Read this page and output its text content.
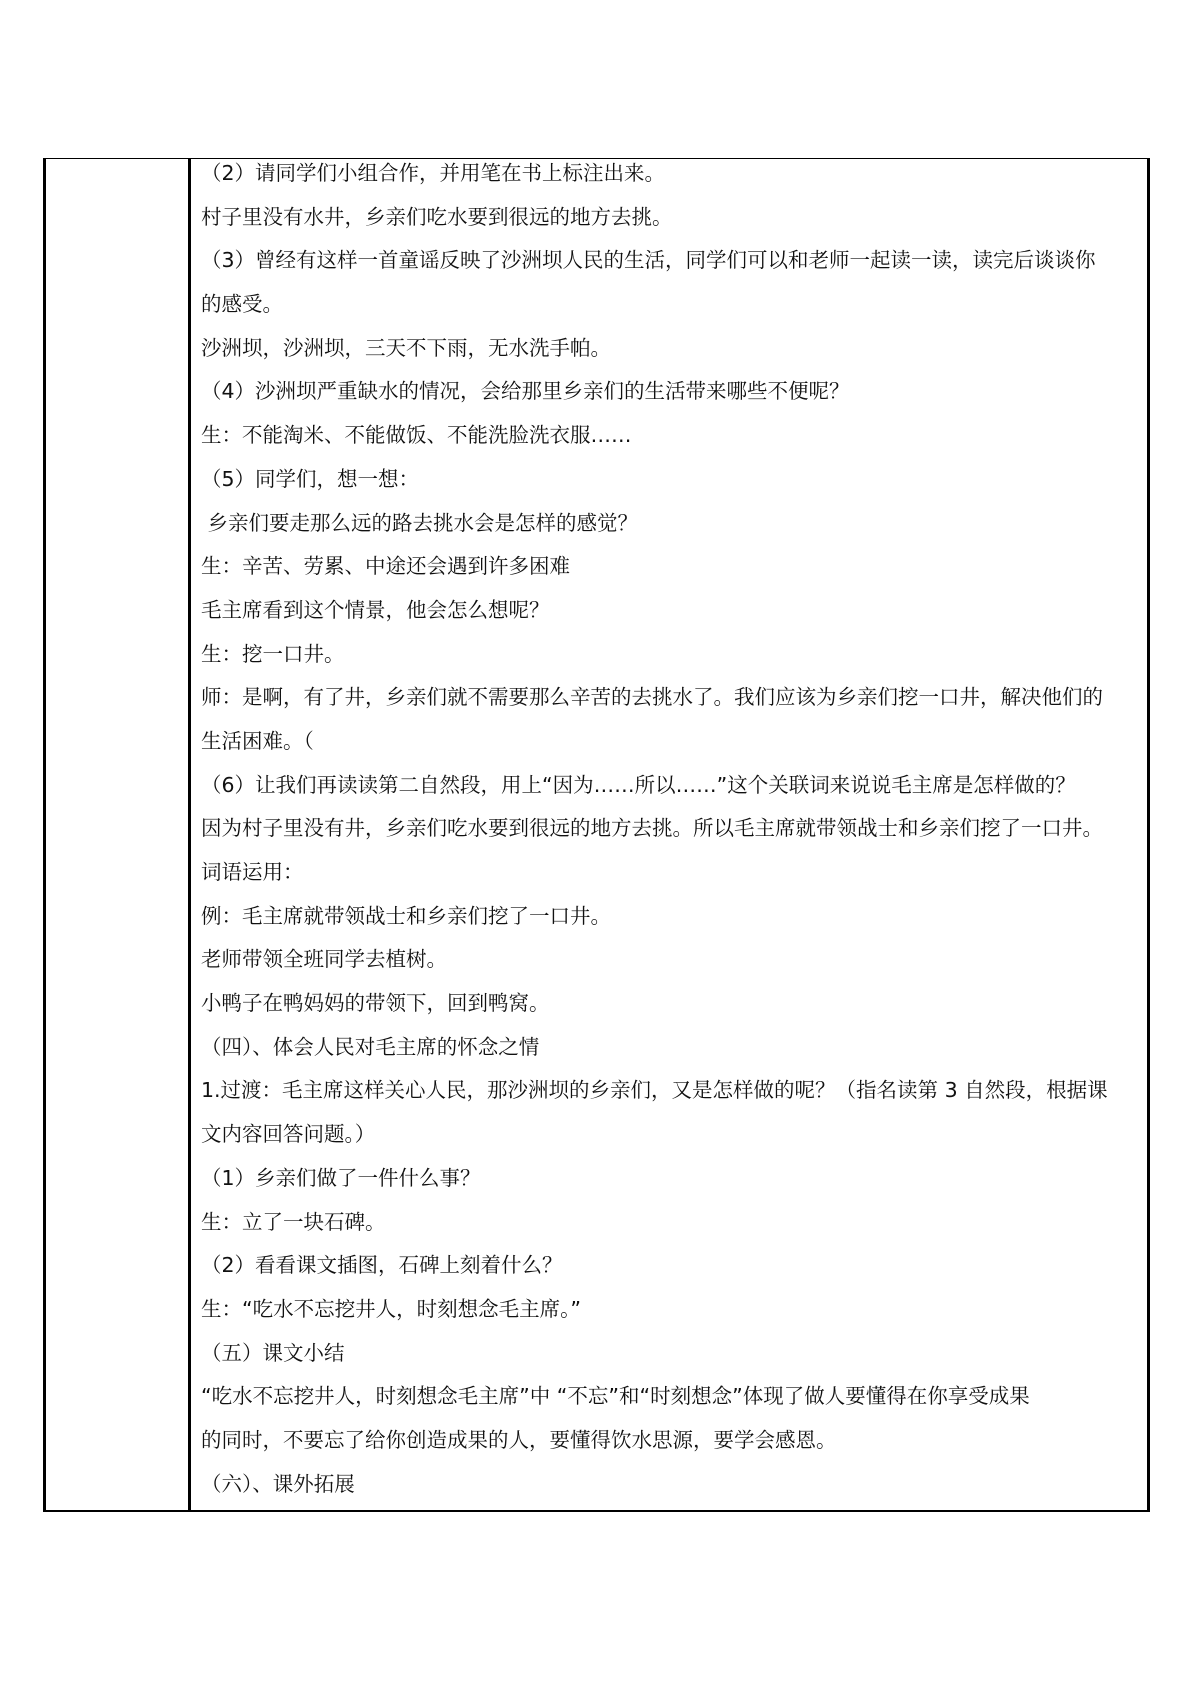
（2）请同学们小组合作，并用笔在书上标注出来。
村子里没有水井，乡亲们吃水要到很远的地方去挑。
（3）曾经有这样一首童谣反映了沙洲坝人民的生活，同学们可以和老师一起读一读，读完后谈谈你
的感受。
沙洲坝，沙洲坝，三天不下雨，无水洗手帕。
（4）沙洲坝严重缺水的情况，会给那里乡亲们的生活带来哪些不便呢？
生：不能淘米、不能做饭、不能洗脸洗衣服……
（5）同学们，想一想：
乡亲们要走那么远的路去挑水会是怎样的感觉？
生：辛苦、劳累、中途还会遇到许多困难
毛主席看到这个情景，他会怎么想呢？
生：挖一口井。
师：是啊，有了井，乡亲们就不需要那么辛苦的去挑水了。我们应该为乡亲们挖一口井，解决他们的
生活困难。（
（6）让我们再读读第二自然段，用上“因为……所以……”这个关联词来说说毛主席是怎样做的？
因为村子里没有井，乡亲们吃水要到很远的地方去挑。所以毛主席就带领战士和乡亲们挖了一口井。
词语运用：
例：毛主席就带领战士和乡亲们挖了一口井。
老师带领全班同学去植树。
小鸭子在鸭妈妈的带领下，回到鸭窝。
（四）、体会人民对毛主席的怀念之情
1.过渡：毛主席这样关心人民，那沙洲坝的乡亲们，又是怎样做的呢？（指名读第 3 自然段，根据课
文内容回答问题。）
（1）乡亲们做了一件什么事？
生：立了一块石碑。
（2）看看课文插图，石碑上刻着什么？
生：“吃水不忘挖井人，时刻想念毛主席。”
（五）课文小结
“吃水不忘挖井人，时刻想念毛主席”中 “不忘”和“时刻想念”体现了做人要懂得在你享受成果
的同时，不要忘了给你创造成果的人，要懂得饮水思源，要学会感恩。
（六）、课外拓展
